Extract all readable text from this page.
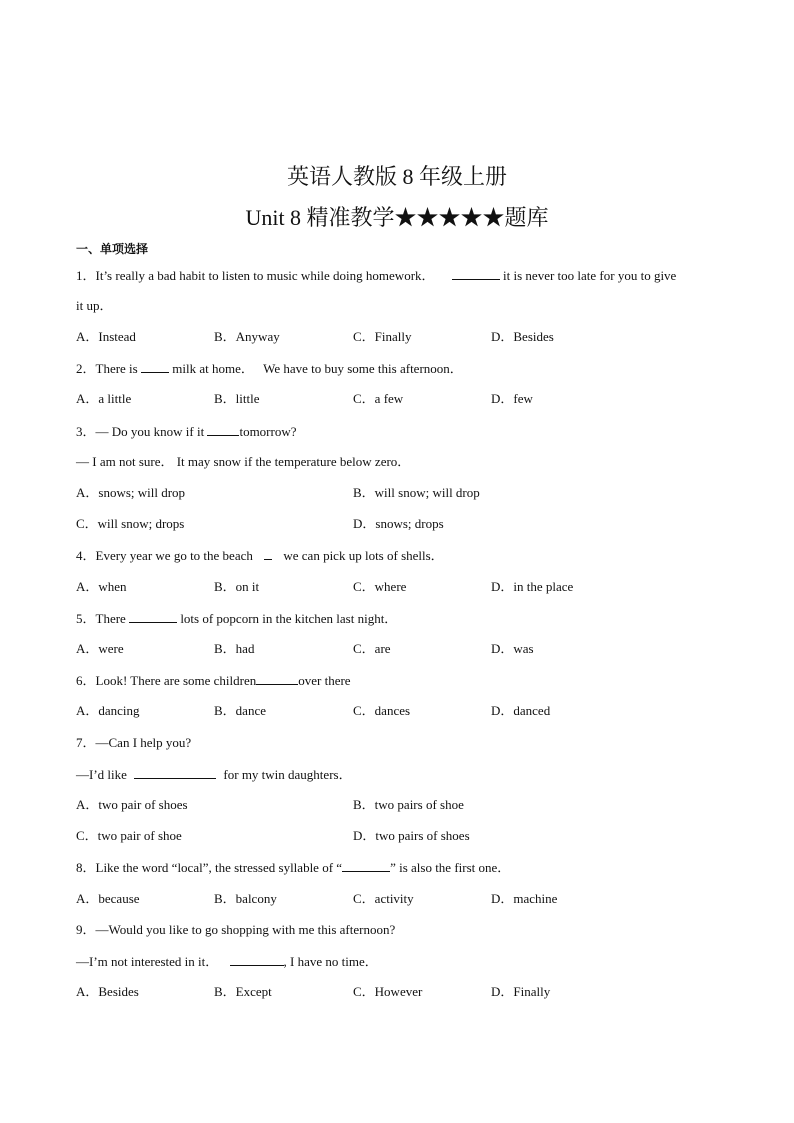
英语人教版 8 年级上册
Unit 8 精准教学★★★★★题库
一、单项选择
1．It’s really a bad habit to listen to music while doing homework．	it is never too late for you to give
it up．
A．Instead	B．Anyway	C．Finally	D．Besides
2．There is	milk at home． We have to buy some this afternoon．
A．a little	B．little	C．a few	D．few
3．— Do you know if it	tomorrow?
— I am not sure． It may snow if the temperature below zero．
A．snows; will drop	B．will snow; will drop
C．will snow; drops	D．snows; drops
4．Every year we go to the beach we can pick up lots of shells．
A．when	B．on it	C．where	D．in the place
5．There	lots of popcorn in the kitchen last night．
A．were	B．had	C．are	D．was
6．Look! There are some children	over there
A．dancing	B．dance	C．dances	D．danced
7．—Can I help you?
—I’d like	for my twin daughters．
A．two pair of shoes	B．two pairs of shoe
C．two pair of shoe	D．two pairs of shoes
8．Like the word “local”, the stressed syllable of “	” is also the first one．
A．because	B．balcony	C．activity	D．machine
9．—Would you like to go shopping with me this afternoon?
—I’m not interested in it．	, I have no time．
A．Besides	B．Except	C．However	D．Finally
